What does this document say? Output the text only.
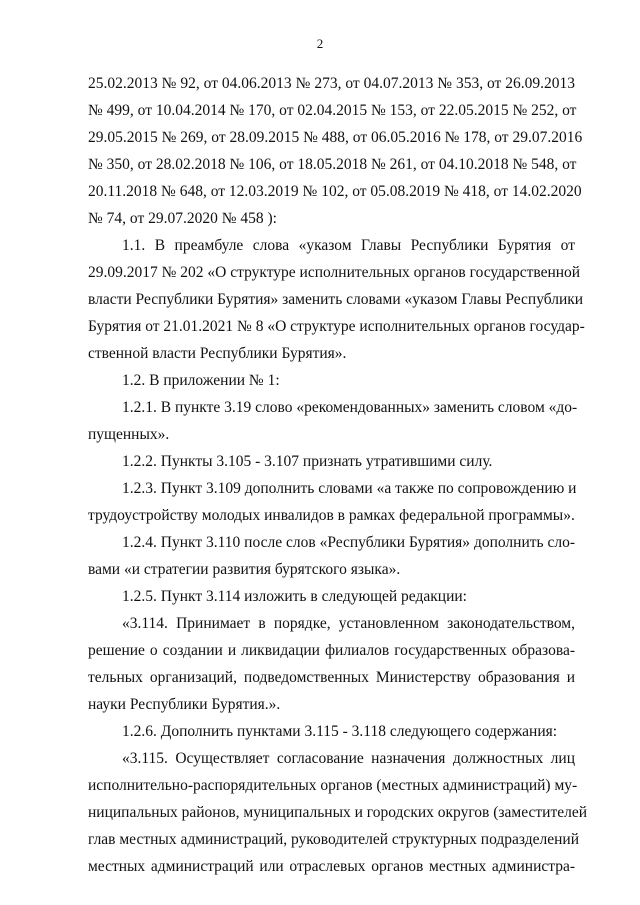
2
25.02.2013 № 92, от 04.06.2013 № 273, от 04.07.2013 № 353, от 26.09.2013
№ 499, от 10.04.2014 № 170, от 02.04.2015 № 153, от 22.05.2015 № 252, от
29.05.2015 № 269, от 28.09.2015 № 488, от 06.05.2016 № 178, от 29.07.2016
№ 350, от 28.02.2018 № 106, от 18.05.2018 № 261, от 04.10.2018 № 548, от
20.11.2018 № 648, от 12.03.2019 № 102, от 05.08.2019 № 418, от 14.02.2020
№ 74, от 29.07.2020 № 458 ):
1.1. В преамбуле слова «указом Главы Республики Бурятия от
29.09.2017 № 202 «О структуре исполнительных органов государственной
власти Республики Бурятия» заменить словами «указом Главы Республики
Бурятия от 21.01.2021 № 8 «О структуре исполнительных органов государ-
ственной власти Республики Бурятия».
1.2. В приложении № 1:
1.2.1. В пункте 3.19 слово «рекомендованных» заменить словом «до-
пущенных».
1.2.2. Пункты 3.105 - 3.107 признать утратившими силу.
1.2.3. Пункт 3.109 дополнить словами «а также по сопровождению и
трудоустройству молодых инвалидов в рамках федеральной программы».
1.2.4. Пункт 3.110 после слов «Республики Бурятия» дополнить сло-
вами «и стратегии развития бурятского языка».
1.2.5. Пункт 3.114 изложить в следующей редакции:
«3.114. Принимает в порядке, установленном законодательством,
решение о создании и ликвидации филиалов государственных образова-
тельных организаций, подведомственных Министерству образования и
науки Республики Бурятия.».
1.2.6. Дополнить пунктами 3.115 - 3.118 следующего содержания:
«3.115. Осуществляет согласование назначения должностных лиц
исполнительно-распорядительных органов (местных администраций) му-
ниципальных районов, муниципальных и городских округов (заместителей
глав местных администраций, руководителей структурных подразделений
местных администраций или отраслевых органов местных администра-
